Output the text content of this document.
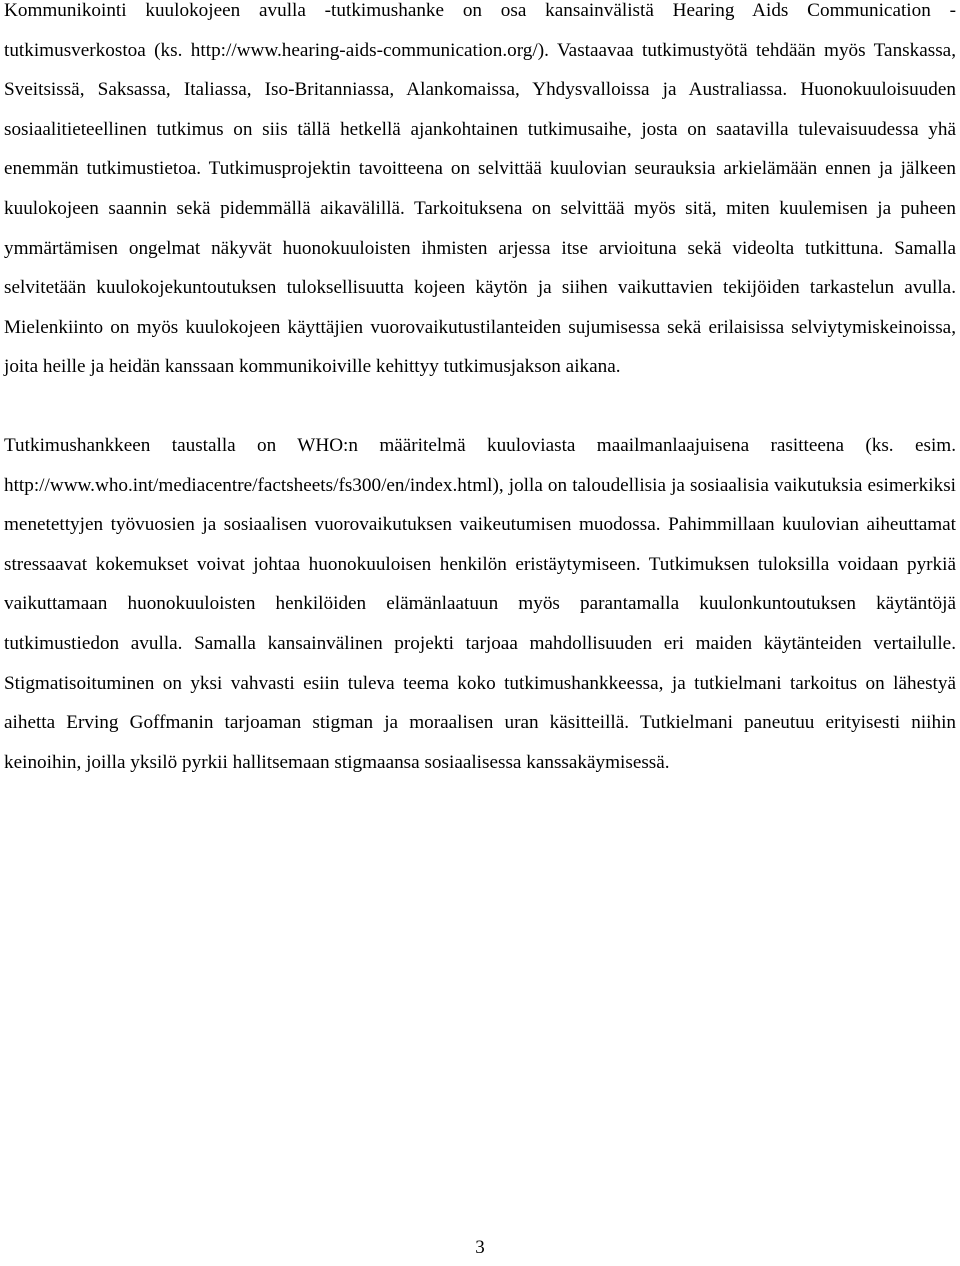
Kommunikointi kuulokojeen avulla -tutkimushanke on osa kansainvälistä Hearing Aids Communication -tutkimusverkostoa (ks. http://www.hearing-aids-communication.org/). Vastaavaa tutkimustyötä tehdään myös Tanskassa, Sveitsissä, Saksassa, Italiassa, Iso-Britanniassa, Alankomaissa, Yhdysvalloissa ja Australiassa. Huonokuuloisuuden sosiaalitieteellinen tutkimus on siis tällä hetkellä ajankohtainen tutkimusaihe, josta on saatavilla tulevaisuudessa yhä enemmän tutkimustietoa. Tutkimusprojektin tavoitteena on selvittää kuulovian seurauksia arkielämään ennen ja jälkeen kuulokojeen saannin sekä pidemmällä aikavälillä. Tarkoituksena on selvittää myös sitä, miten kuulemisen ja puheen ymmärtämisen ongelmat näkyvät huonokuuloisten ihmisten arjessa itse arvioituna sekä videolta tutkittuna. Samalla selvitetään kuulokojekuntoutuksen tuloksellisuutta kojeen käytön ja siihen vaikuttavien tekijöiden tarkastelun avulla. Mielenkiinto on myös kuulokojeen käyttäjien vuorovaikutustilanteiden sujumisessa sekä erilaisissa selviytymiskeinoissa, joita heille ja heidän kanssaan kommunikoiville kehittyy tutkimusjakson aikana.

Tutkimushankkeen taustalla on WHO:n määritelmä kuuloviasta maailmanlaajuisena rasitteena (ks. esim. http://www.who.int/mediacentre/factsheets/fs300/en/index.html), jolla on taloudellisia ja sosiaalisia vaikutuksia esimerkiksi menetettyjen työvuosien ja sosiaalisen vuorovaikutuksen vaikeutumisen muodossa. Pahimmillaan kuulovian aiheuttamat stressaavat kokemukset voivat johtaa huonokuuloisen henkilön eristäytymiseen. Tutkimuksen tuloksilla voidaan pyrkiä vaikuttamaan huonokuuloisten henkilöiden elämänlaatuun myös parantamalla kuulonkuntoutuksen käytäntöjä tutkimustiedon avulla. Samalla kansainvälinen projekti tarjoaa mahdollisuuden eri maiden käytänteiden vertailulle. Stigmatisoituminen on yksi vahvasti esiin tuleva teema koko tutkimushankkeessa, ja tutkielmani tarkoitus on lähestyä aihetta Erving Goffmanin tarjoaman stigman ja moraalisen uran käsitteillä. Tutkielmani paneutuu erityisesti niihin keinoihin, joilla yksilö pyrkii hallitsemaan stigmaansa sosiaalisessa kanssakäymisessä.

3
